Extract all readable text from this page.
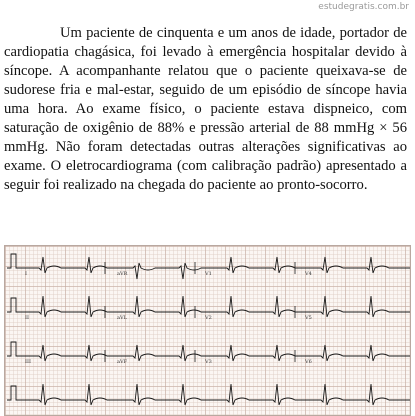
estudegratis.com.br

Um paciente de cinquenta e um anos de idade, portador de cardiopatia chagásica, foi levado à emergência hospitalar devido à síncope. A acompanhante relatou que o paciente queixava-se de sudorese fria e mal-estar, seguido de um episódio de síncope havia uma hora. Ao exame físico, o paciente estava dispneico, com saturação de oxigênio de 88% e pressão arterial de 88 mmHg × 56 mmHg. Não foram detectadas outras alterações significativas ao exame. O eletrocardiograma (com calibração padrão) apresentado a seguir foi realizado na chegada do paciente ao pronto-socorro.

I	aVR	V1	V4
II	aVL	V2	V5
III	aVF	V3	V6
